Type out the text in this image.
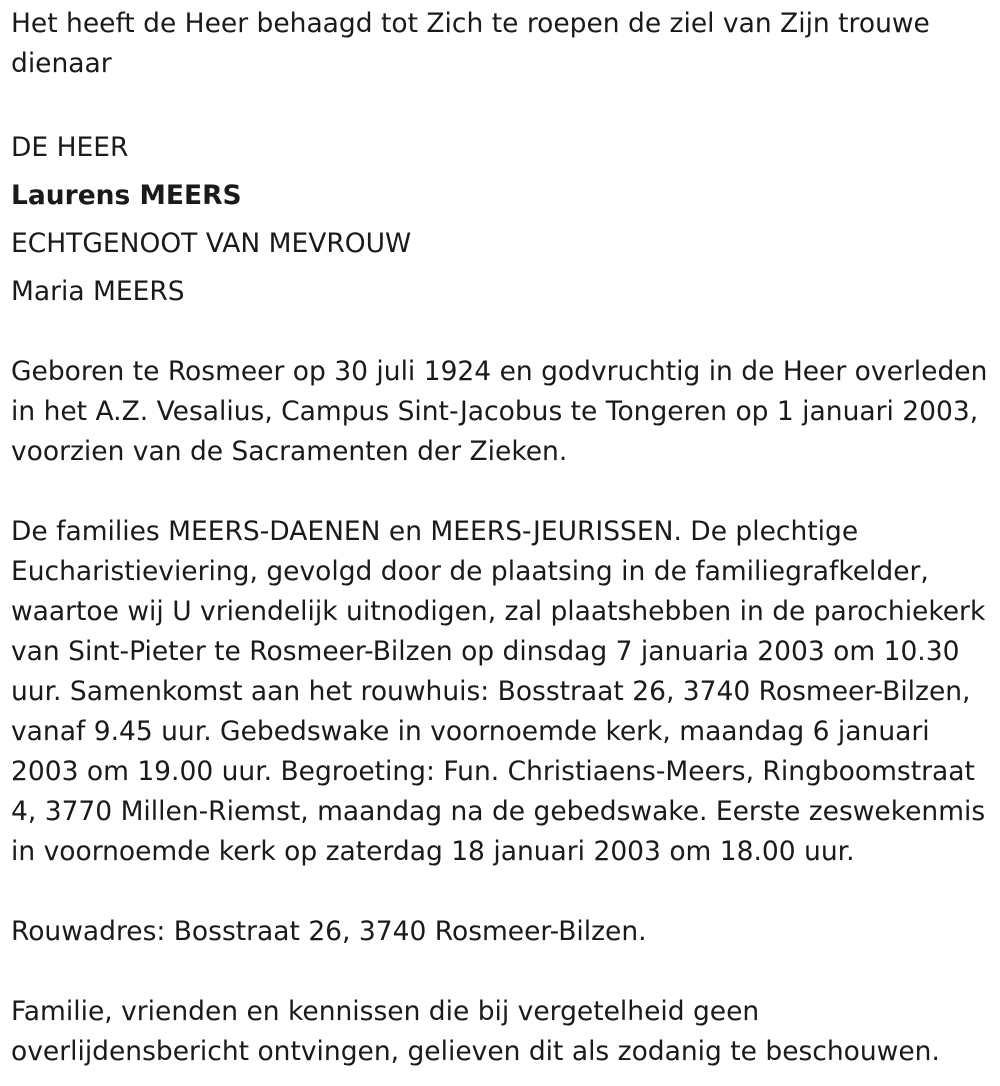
Het heeft de Heer behaagd tot Zich te roepen de ziel van Zijn trouwe

dienaar

DE HEER

Laurens MEERS

ECHTGENOOT VAN MEVROUW

Maria MEERS

Geboren te Rosmeer op 30 juli 1924 en godvruchtig in de Heer overleden

in het A.Z. Vesalius, Campus Sint-Jacobus te Tongeren op 1 januari 2003,

voorzien van de Sacramenten der Zieken.

De families MEERS-DAENEN en MEERS-JEURISSEN. De plechtige

Eucharistieviering, gevolgd door de plaatsing in de familiegrafkelder,

waartoe wij U vriendelijk uitnodigen, zal plaatshebben in de parochiekerk

van Sint-Pieter te Rosmeer-Bilzen op dinsdag 7 januaria 2003 om 10.30

uur. Samenkomst aan het rouwhuis: Bosstraat 26, 3740 Rosmeer-Bilzen,

vanaf 9.45 uur. Gebedswake in voornoemde kerk, maandag 6 januari

2003 om 19.00 uur. Begroeting: Fun. Christiaens-Meers, Ringboomstraat

4, 3770 Millen-Riemst, maandag na de gebedswake. Eerste zeswekenmis

in voornoemde kerk op zaterdag 18 januari 2003 om 18.00 uur.

Rouwadres: Bosstraat 26, 3740 Rosmeer-Bilzen.

Familie, vrienden en kennissen die bij vergetelheid geen

overlijdensbericht ontvingen, gelieven dit als zodanig te beschouwen.
